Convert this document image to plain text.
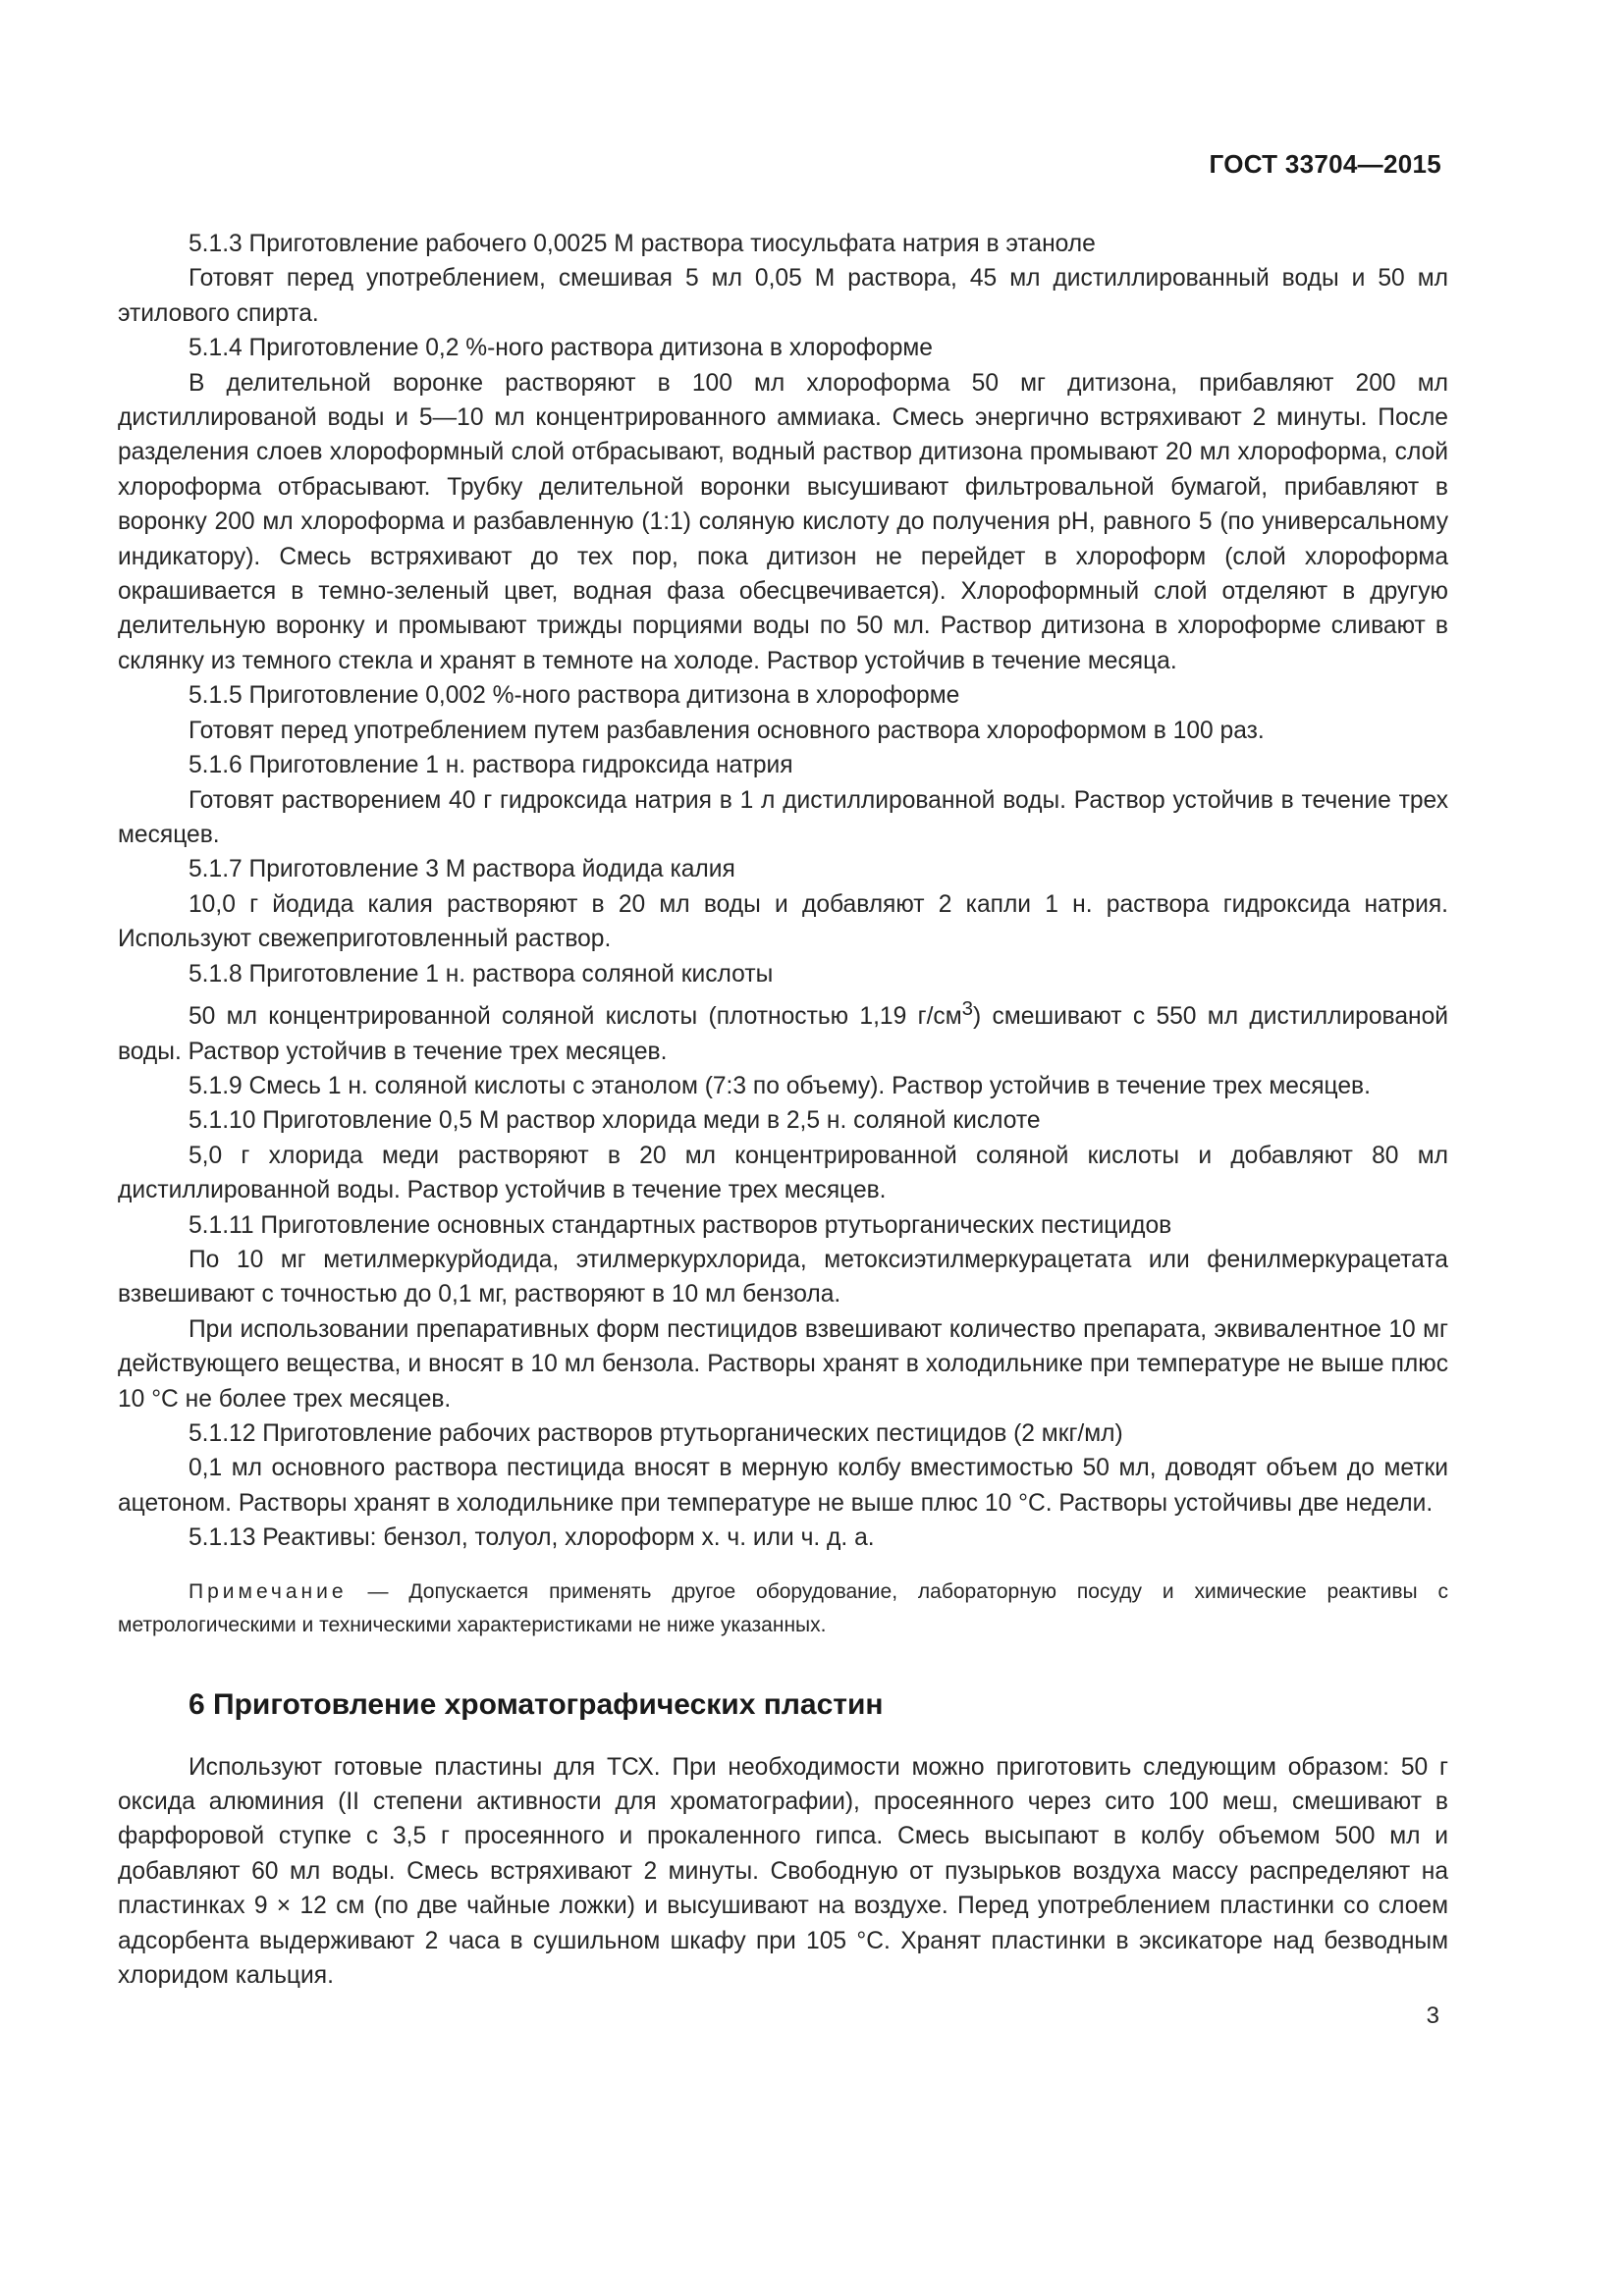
ГОСТ 33704—2015

5.1.3 Приготовление рабочего 0,0025 М раствора тиосульфата натрия в этаноле

Готовят перед употреблением, смешивая 5 мл 0,05 М раствора, 45 мл дистиллированный воды и 50 мл этилового спирта.

5.1.4 Приготовление 0,2 %-ного раствора дитизона в хлороформе

В делительной воронке растворяют в 100 мл хлороформа 50 мг дитизона, прибавляют 200 мл дистиллированой воды и 5—10 мл концентрированного аммиака. Смесь энергично встряхивают 2 минуты. После разделения слоев хлороформный слой отбрасывают, водный раствор дитизона промывают 20 мл хлороформа, слой хлороформа отбрасывают. Трубку делительной воронки высушивают фильтровальной бумагой, прибавляют в воронку 200 мл хлороформа и разбавленную (1:1) соляную кислоту до получения pH, равного 5 (по универсальному индикатору). Смесь встряхивают до тех пор, пока дитизон не перейдет в хлороформ (слой хлороформа окрашивается в темно-зеленый цвет, водная фаза обесцвечивается). Хлороформный слой отделяют в другую делительную воронку и промывают трижды порциями воды по 50 мл. Раствор дитизона в хлороформе сливают в склянку из темного стекла и хранят в темноте на холоде. Раствор устойчив в течение месяца.

5.1.5 Приготовление 0,002 %-ного раствора дитизона в хлороформе

Готовят перед употреблением путем разбавления основного раствора хлороформом в 100 раз.

5.1.6 Приготовление 1 н. раствора гидроксида натрия

Готовят растворением 40 г гидроксида натрия в 1 л дистиллированной воды. Раствор устойчив в течение трех месяцев.

5.1.7 Приготовление 3 М раствора йодида калия

10,0 г йодида калия растворяют в 20 мл воды и добавляют 2 капли 1 н. раствора гидроксида натрия. Используют свежеприготовленный раствор.

5.1.8 Приготовление 1 н. раствора соляной кислоты

50 мл концентрированной соляной кислоты (плотностью 1,19 $г/см^3$) смешивают с 550 мл дистиллированой воды. Раствор устойчив в течение трех месяцев.

5.1.9 Смесь 1 н. соляной кислоты с этанолом (7:3 по объему). Раствор устойчив в течение трех месяцев.

5.1.10 Приготовление 0,5 М раствор хлорида меди в 2,5 н. соляной кислоте

5,0 г хлорида меди растворяют в 20 мл концентрированной соляной кислоты и добавляют 80 мл дистиллированной воды. Раствор устойчив в течение трех месяцев.

5.1.11 Приготовление основных стандартных растворов ртутьорганических пестицидов

По 10 мг метилмеркурйодида, этилмеркурхлорида, метоксиэтилмеркурацетата или фенилмеркурацетата взвешивают с точностью до 0,1 мг, растворяют в 10 мл бензола.

При использовании препаративных форм пестицидов взвешивают количество препарата, эквивалентное 10 мг действующего вещества, и вносят в 10 мл бензола. Растворы хранят в холодильнике при температуре не выше плюс 10 °С не более трех месяцев.

5.1.12 Приготовление рабочих растворов ртутьорганических пестицидов (2 мкг/мл)

0,1 мл основного раствора пестицида вносят в мерную колбу вместимостью 50 мл, доводят объем до метки ацетоном. Растворы хранят в холодильнике при температуре не выше плюс 10 °С. Растворы устойчивы две недели.

5.1.13 Реактивы: бензол, толуол, хлороформ х. ч. или ч. д. а.

Примечание — Допускается применять другое оборудование, лабораторную посуду и химические реактивы с метрологическими и техническими характеристиками не ниже указанных.

6 Приготовление хроматографических пластин

Используют готовые пластины для ТСХ. При необходимости можно приготовить следующим образом: 50 г оксида алюминия (II степени активности для хроматографии), просеянного через сито 100 меш, смешивают в фарфоровой ступке с 3,5 г просеянного и прокаленного гипса. Смесь высыпают в колбу объемом 500 мл и добавляют 60 мл воды. Смесь встряхивают 2 минуты. Свободную от пузырьков воздуха массу распределяют на пластинках 9 × 12 см (по две чайные ложки) и высушивают на воздухе. Перед употреблением пластинки со слоем адсорбента выдерживают 2 часа в сушильном шкафу при 105 °С. Хранят пластинки в эксикаторе над безводным хлоридом кальция.

3
